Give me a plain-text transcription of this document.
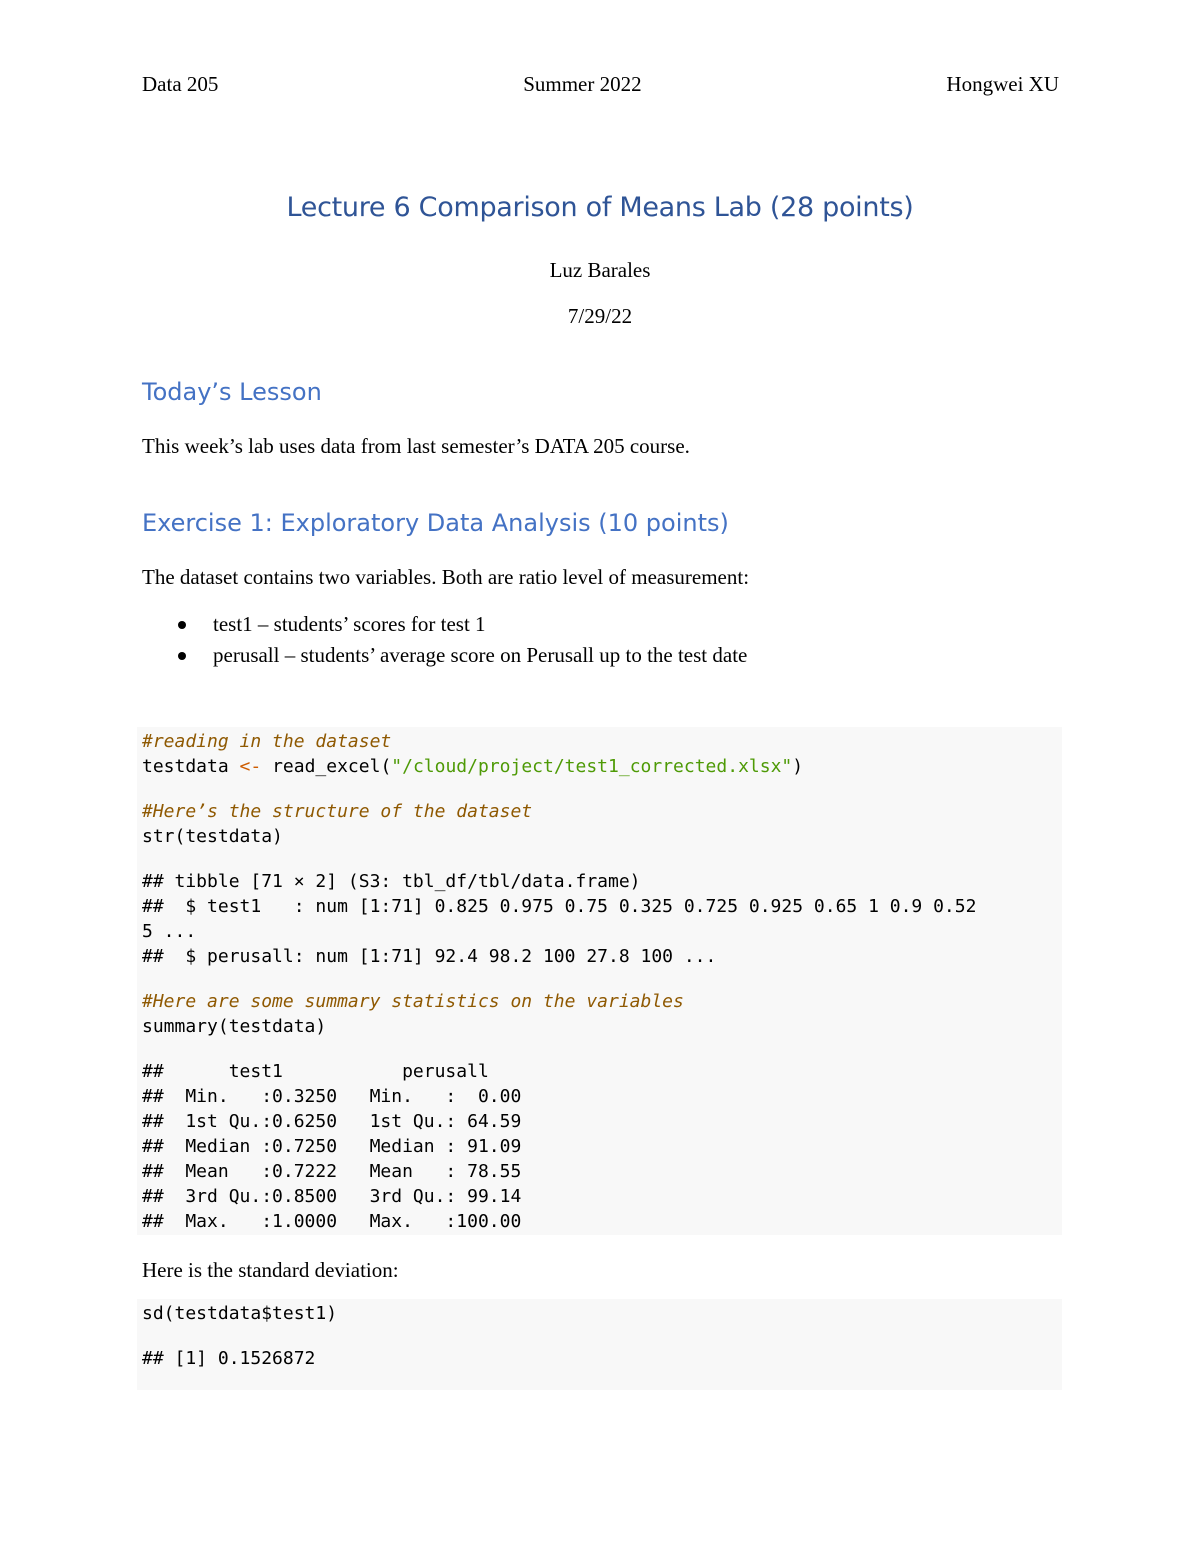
Data 205	Summer 2022	Hongwei XU
Lecture 6 Comparison of Means Lab (28 points)
Luz Barales
7/29/22
Today’s Lesson
This week’s lab uses data from last semester’s DATA 205 course.
Exercise 1: Exploratory Data Analysis (10 points)
The dataset contains two variables. Both are ratio level of measurement:
test1 – students’ scores for test 1
perusall – students’ average score on Perusall up to the test date
#reading in the dataset
testdata <- read_excel("/cloud/project/test1_corrected.xlsx")
#Here’s the structure of the dataset
str(testdata)
## tibble [71 × 2] (S3: tbl_df/tbl/data.frame)
##  $ test1   : num [1:71] 0.825 0.975 0.75 0.325 0.725 0.925 0.65 1 0.9 0.52
5 ...
##  $ perusall: num [1:71] 92.4 98.2 100 27.8 100 ...
#Here are some summary statistics on the variables
summary(testdata)
##      test1           perusall
##  Min.   :0.3250   Min.   :  0.00
##  1st Qu.:0.6250   1st Qu.: 64.59
##  Median :0.7250   Median : 91.09
##  Mean   :0.7222   Mean   : 78.55
##  3rd Qu.:0.8500   3rd Qu.: 99.14
##  Max.   :1.0000   Max.   :100.00
Here is the standard deviation:
sd(testdata$test1)
## [1] 0.1526872
